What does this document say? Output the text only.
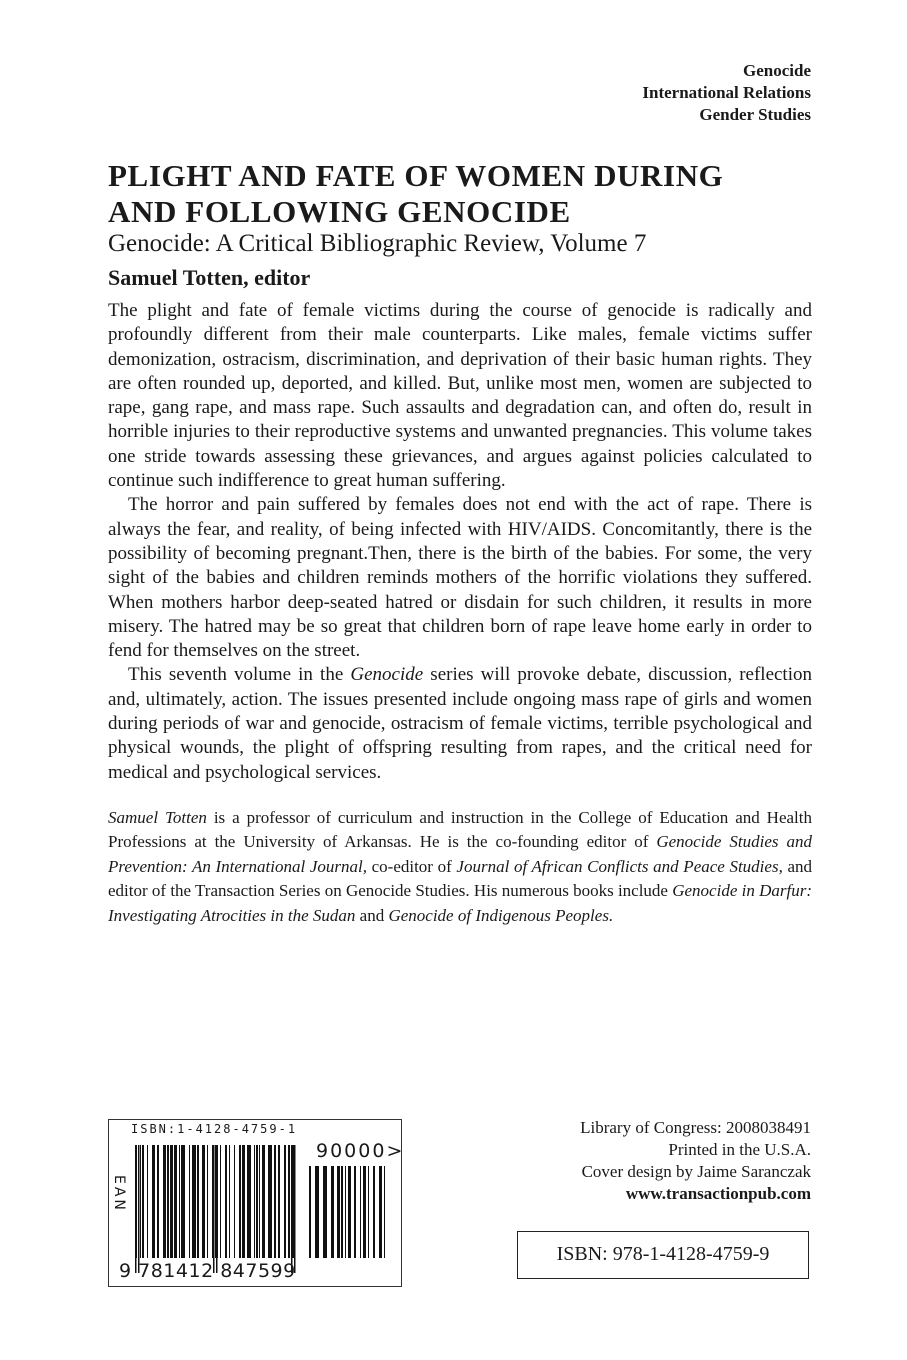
Genocide
International Relations
Gender Studies
PLIGHT AND FATE OF WOMEN DURING
AND FOLLOWING GENOCIDE
Genocide: A Critical Bibliographic Review, Volume 7
Samuel Totten, editor

The plight and fate of female victims during the course of genocide is radically and profoundly different from their male counterparts. Like males, female victims suffer demonization, ostracism, discrimination, and deprivation of their basic human rights. They are often rounded up, deported, and killed. But, unlike most men, women are subjected to rape, gang rape, and mass rape. Such assaults and degradation can, and often do, result in horrible injuries to their reproductive systems and unwanted pregnancies. This volume takes one stride towards assessing these grievances, and argues against policies calculated to continue such indifference to great human suffering.

The horror and pain suffered by females does not end with the act of rape. There is always the fear, and reality, of being infected with HIV/AIDS. Concomitantly, there is the possibility of becoming pregnant.Then, there is the birth of the babies. For some, the very sight of the babies and children reminds mothers of the horrific violations they suffered. When mothers harbor deep-seated hatred or disdain for such children, it results in more misery. The hatred may be so great that children born of rape leave home early in order to fend for themselves on the street.

This seventh volume in the Genocide series will provoke debate, discussion, reflection and, ultimately, action. The issues presented include ongoing mass rape of girls and women during periods of war and genocide, ostracism of female victims, terrible psychological and physical wounds, the plight of offspring resulting from rapes, and the critical need for medical and psychological services.

Samuel Totten is a professor of curriculum and instruction in the College of Education and Health Professions at the University of Arkansas. He is the co-founding editor of Genocide Studies and Prevention: An International Journal, co-editor of Journal of African Conflicts and Peace Studies, and editor of the Transaction Series on Genocide Studies. His numerous books include Genocide in Darfur: Investigating Atrocities in the Sudan and Genocide of Indigenous Peoples.
ISBN:1-4128-4759-1
90000>
EAN
9 781412 847599
Library of Congress: 2008038491
Printed in the U.S.A.
Cover design by Jaime Saranczak
www.transactionpub.com
ISBN: 978-1-4128-4759-9
